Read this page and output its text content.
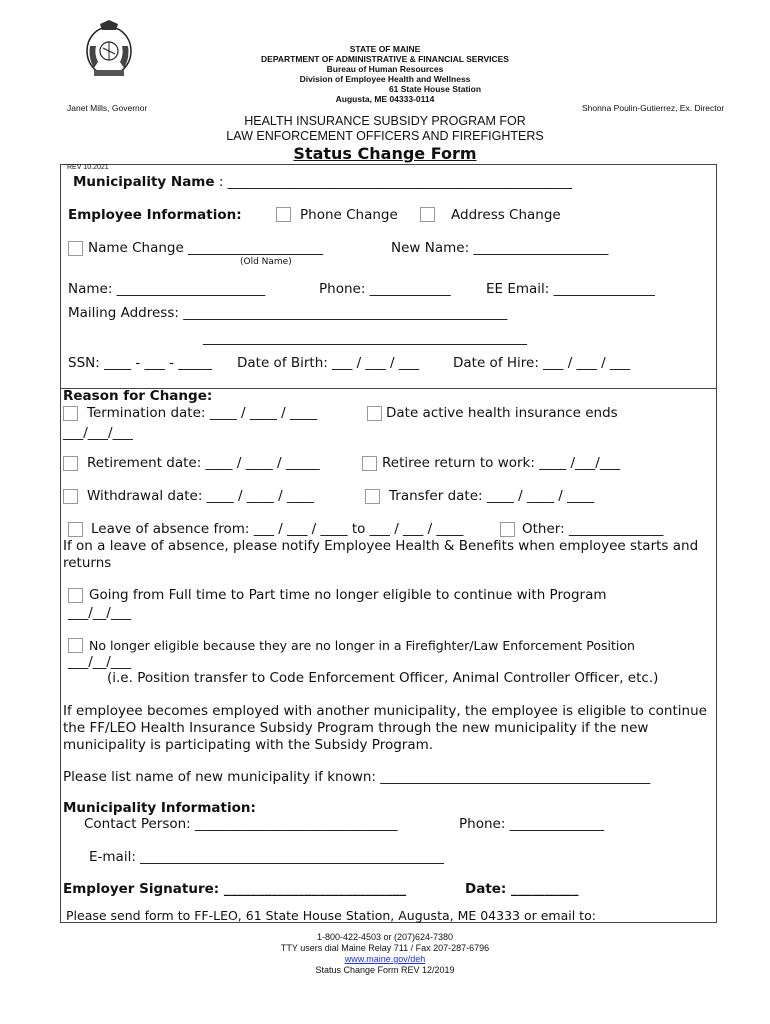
STATE OF MAINE
DEPARTMENT OF ADMINISTRATIVE & FINANCIAL SERVICES
Bureau of Human Resources
Division of Employee Health and Wellness
61 State House Station
Augusta, ME 04333-0114
Janet Mills, Governor	Shonna Poulin-Gutierrez, Ex. Director
HEALTH INSURANCE SUBSIDY PROGRAM FOR
LAW ENFORCEMENT OFFICERS AND FIREFIGHTERS
Status Change Form
REV 10.2021
Municipality Name : ___________________________________________________
Employee Information:	Phone Change	Address Change
Name Change ____________________	New Name: ____________________
(Old Name)
Name: ______________________	Phone: ____________	EE Email: _______________
Mailing Address: ________________________________________________
________________________________________________
SSN: ____ - ___ - _____ Date of Birth: ___ / ___ / ___	Date of Hire: ___ / ___ / ___
Reason for Change:
Termination date: ____ / ____ / ____
___/___/___
Date active health insurance ends
Retirement date: ____ / ____ / _____	Retiree return to work: ____ /___/___
Withdrawal date: ____ / ____ / ____	Transfer date: ____ / ____ / ____
Leave of absence from: ___ / ___ / ____ to ___ / ___ / ____	Other: ______________
If on a leave of absence, please notify Employee Health & Benefits when employee starts and returns
Going from Full time to Part time no longer eligible to continue with Program
___/__/___
No longer eligible because they are no longer in a Firefighter/Law Enforcement Position
___/__/___
(i.e. Position transfer to Code Enforcement Officer, Animal Controller Officer, etc.)
If employee becomes employed with another municipality, the employee is eligible to continue the FF/LEO Health Insurance Subsidy Program through the new municipality if the new municipality is participating with the Subsidy Program.
Please list name of new municipality if known: ________________________________________
Municipality Information:
Contact Person: ______________________________	Phone: ______________
E-mail: _____________________________________________
Employer Signature: ___________________________	Date: __________
Please send form to FF-LEO, 61 State House Station, Augusta, ME 04333 or email to:
1-800-422-4503 or (207)624-7380
TTY users dial Maine Relay 711 / Fax 207-287-6796
www.maine.gov/deh
Status Change Form REV 12/2019
